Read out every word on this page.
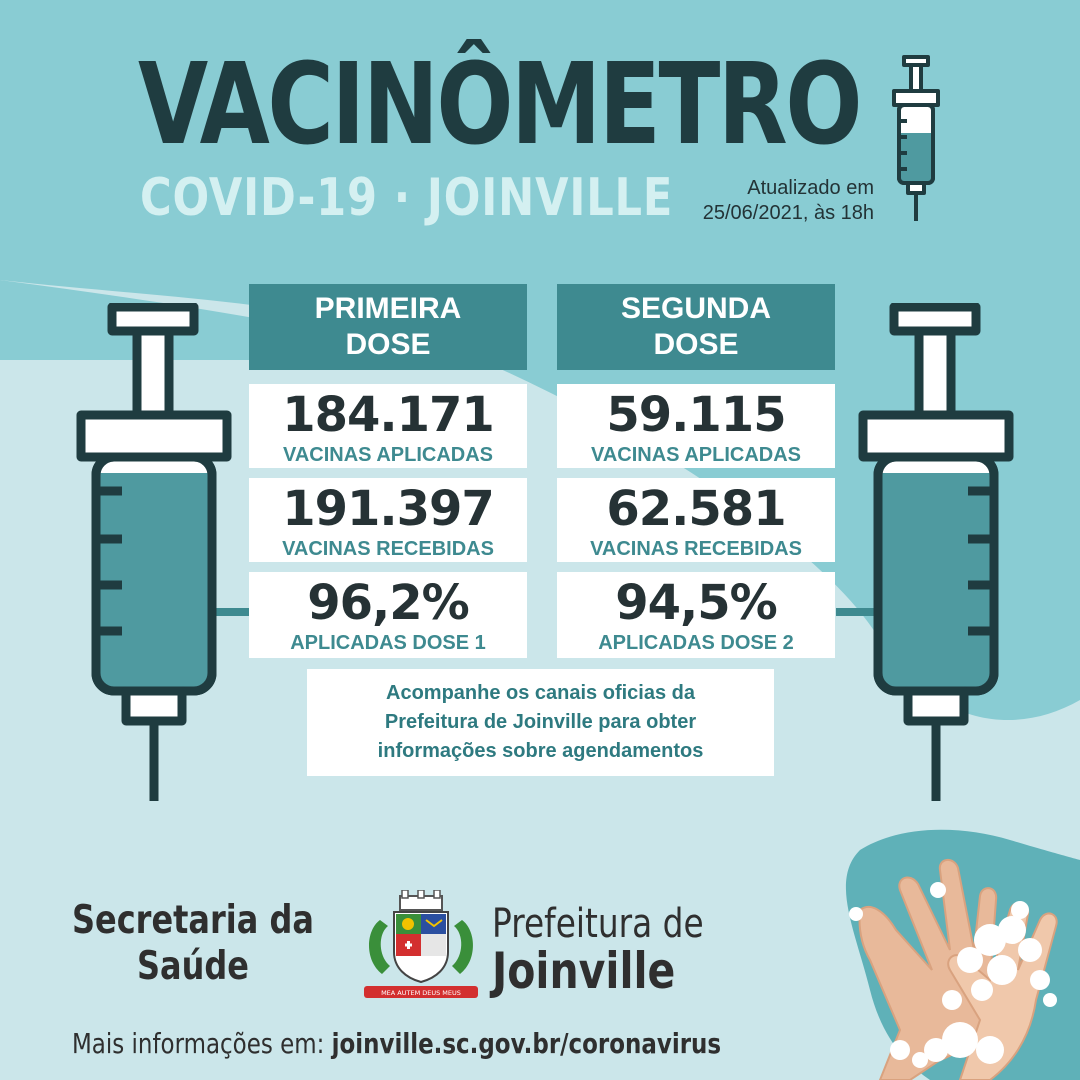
VACINÔMETRO
COVID-19 · JOINVILLE	Atualizado em
25/06/2021, às 18h
PRIMEIRA
DOSE
184.171
VACINAS APLICADAS
191.397
VACINAS RECEBIDAS
96,2%
APLICADAS DOSE 1
SEGUNDA
DOSE
59.115
VACINAS APLICADAS
62.581
VACINAS RECEBIDAS
94,5%
APLICADAS DOSE 2
Acompanhe os canais oficias da
Prefeitura de Joinville para obter
informações sobre agendamentos
Secretaria da
Saúde
MEA AUTEM DEUS MEUS
Prefeitura de
Joinville
Mais informações em: joinville.sc.gov.br/coronavirus
